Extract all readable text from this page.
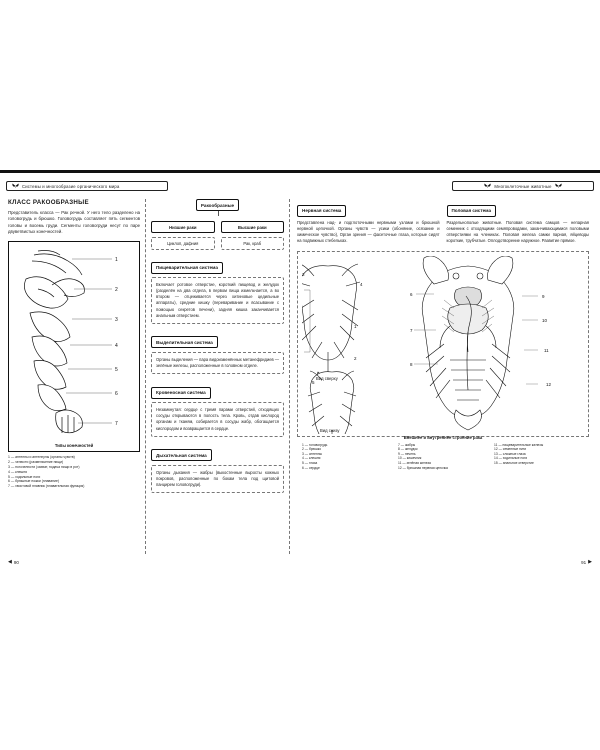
Системы и многообразие органического мира	Многоклеточные животные
КЛАСС РАКООБРАЗНЫЕ

Представитель класса — Рак речной. У него тело разделено на головогрудь и брюшко. Головогрудь составляет пять сегментов головы и восемь груди. Сегменты головогруди несут по паре двуветвистых конечностей.

1
2
3
4
5
6
7
Типы конечностей
1 — антенны и антеннулы (органы чувств)
2 — челюсти (размельчение пищи)
3 — ногочелюсти (захват, подача пищи в рот)
4 — клешня
5 — ходильные ноги
6 — брюшные ножки (плавание)
7 — хвостовой плавник (плавательная функция)
Ракообразные
Низшие раки	Высшие раки
Циклоп, дафния	Рак, краб
Пищеварительная система
Включает ротовое отверстие, короткий пищевод и желудок (разделён на два отдела, в первом пища измельчается, а во втором — отцеживается через хитиновые цедильные аппараты), средние кишку (переваривание и всасывание с помощью секретов печени), задняя кишка заканчивается анальным отверстием.
Выделительная система
Органы выделения — пара видоизменённых метанефридиев — зелёные железы, расположенные в головном отделе.
Кровеносная система
Незамкнутая: сердце с тремя парами отверстий, отходящих сосуды открываются в полость тела. Кровь, отдав кислород органам и тканям, собирается в сосуды жабр, обогащается кислородом и возвращается в сердце.
Дыхательная система
Органы дыхания — жабры (выкостенные выросты кожных покровов, расположенные по бокам тела под щитовой панцирем головогруди).
Нервная система
Представлена над- и подглоточными нервными узлами и брюшной нервной цепочкой. Органы чувств — усики (обоняние, осязание и химическое чувство), Орган зрения — фасеточные глаза, которые сидят на подвижных стебельках.
Половая система
Раздельнополые животные. Половая система самцов — непарная семенник с отходящими семяпроводами, заканчивающимися половыми отверстиями на члениках. Половая железа самки парная, яйцеводы короткие, трубчатые. Оплодотворение наружное. Развитие прямое.
1
2
3
4
5
6
7
8
9
10
11
12
Вид сверху
Вид снизу
Внешнее и внутреннее строение рака
1 — головогрудь
2 — брюшко
3 — антенны
4 — клешня
5 — глаза
6 — сердце
7 — жабры
8 — желудок
9 — печень
10 — кишечник
11 — зелёная железа
12 — брюшная нервная цепочка
11 — пищеварительные железы
12 — семенные нити
13 — сложные глаза
14 — ходильные ноги
15 — анальное отверстие
◀ 90	91 ▶
